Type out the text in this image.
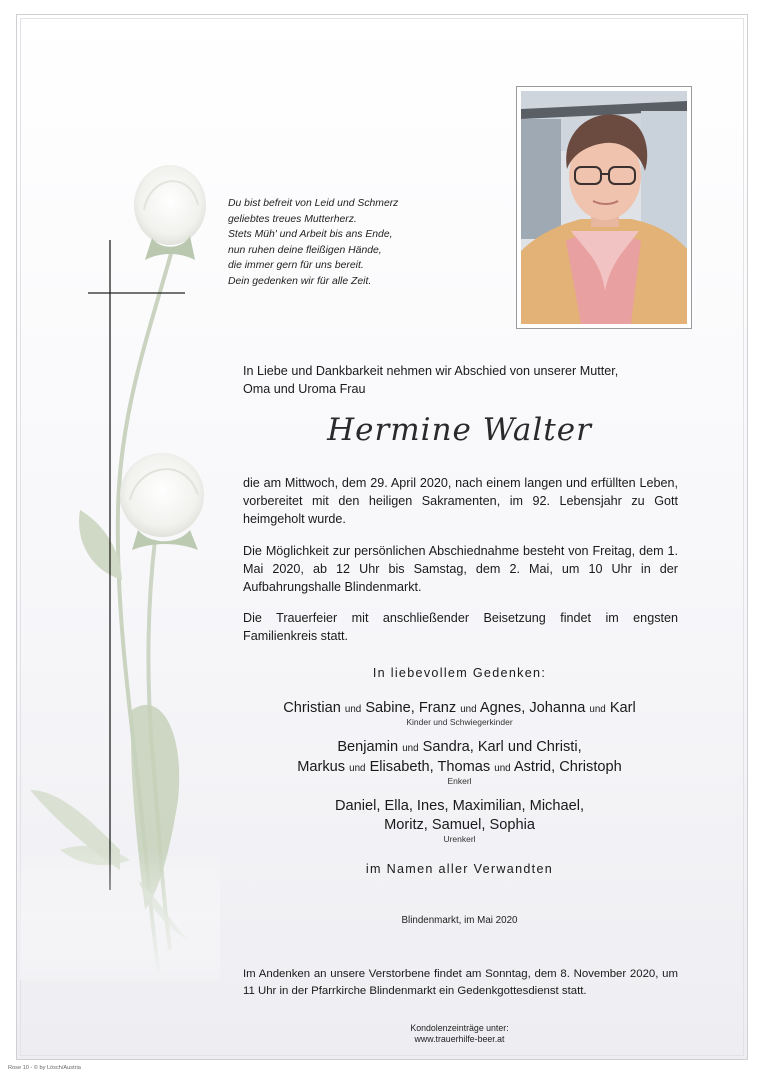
Du bist befreit von Leid und Schmerz
geliebtes treues Mutterherz.
Stets Müh' und Arbeit bis ans Ende,
nun ruhen deine fleißigen Hände,
die immer gern für uns bereit.
Dein gedenken wir für alle Zeit.
In Liebe und Dankbarkeit nehmen wir Abschied von unserer Mutter,
Oma und Uroma Frau
Hermine Walter
die am Mittwoch, dem 29. April 2020, nach einem langen und erfüllten Leben, vorbereitet mit den heiligen Sakramenten, im 92. Lebensjahr zu Gott heimgeholt wurde.
Die Möglichkeit zur persönlichen Abschiednahme besteht von Freitag, dem 1. Mai 2020, ab 12 Uhr bis Samstag, dem 2. Mai, um 10 Uhr in der Aufbahrungshalle Blindenmarkt.
Die Trauerfeier mit anschließender Beisetzung findet im engsten Familienkreis statt.
In liebevollem Gedenken:
Christian und Sabine, Franz und Agnes, Johanna und Karl
Kinder und Schwiegerkinder
Benjamin und Sandra, Karl und Christi,
Markus und Elisabeth, Thomas und Astrid, Christoph
Enkerl
Daniel, Ella, Ines, Maximilian, Michael,
Moritz, Samuel, Sophia
Urenkerl
im Namen aller Verwandten
Blindenmarkt, im Mai 2020
Im Andenken an unsere Verstorbene findet am Sonntag, dem 8. November 2020, um 11 Uhr in der Pfarrkirche Blindenmarkt ein Gedenkgottesdienst statt.
Kondolenzeinträge unter:
www.trauerhilfe-beer.at
Rose 10 - © by Lösch/Austria
